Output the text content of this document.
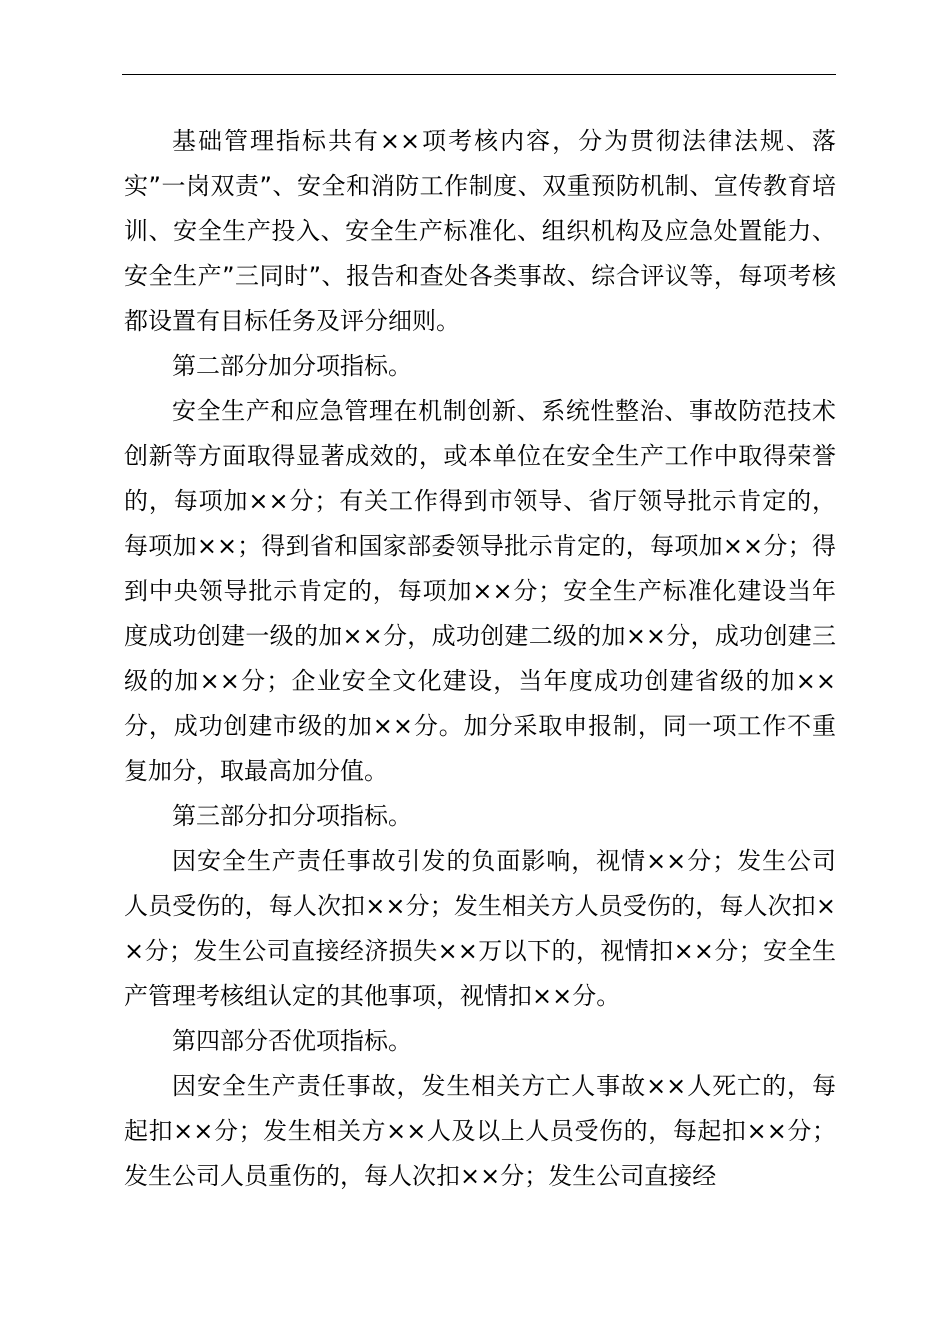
基础管理指标共有××项考核内容，分为贯彻法律法规、落实”一岗双责”、安全和消防工作制度、双重预防机制、宣传教育培训、安全生产投入、安全生产标准化、组织机构及应急处置能力、安全生产”三同时”、报告和查处各类事故、综合评议等，每项考核都设置有目标任务及评分细则。

第二部分加分项指标。

安全生产和应急管理在机制创新、系统性整治、事故防范技术创新等方面取得显著成效的，或本单位在安全生产工作中取得荣誉的，每项加××分；有关工作得到市领导、省厅领导批示肯定的，每项加××；得到省和国家部委领导批示肯定的，每项加××分；得到中央领导批示肯定的，每项加××分；安全生产标准化建设当年度成功创建一级的加××分，成功创建二级的加××分，成功创建三级的加××分；企业安全文化建设，当年度成功创建省级的加××分，成功创建市级的加××分。加分采取申报制，同一项工作不重复加分，取最高加分值。

第三部分扣分项指标。

因安全生产责任事故引发的负面影响，视情××分；发生公司人员受伤的，每人次扣××分；发生相关方人员受伤的，每人次扣××分；发生公司直接经济损失××万以下的，视情扣××分；安全生产管理考核组认定的其他事项，视情扣××分。

第四部分否优项指标。

因安全生产责任事故，发生相关方亡人事故××人死亡的，每起扣××分；发生相关方××人及以上人员受伤的，每起扣××分；发生公司人员重伤的，每人次扣××分；发生公司直接经
